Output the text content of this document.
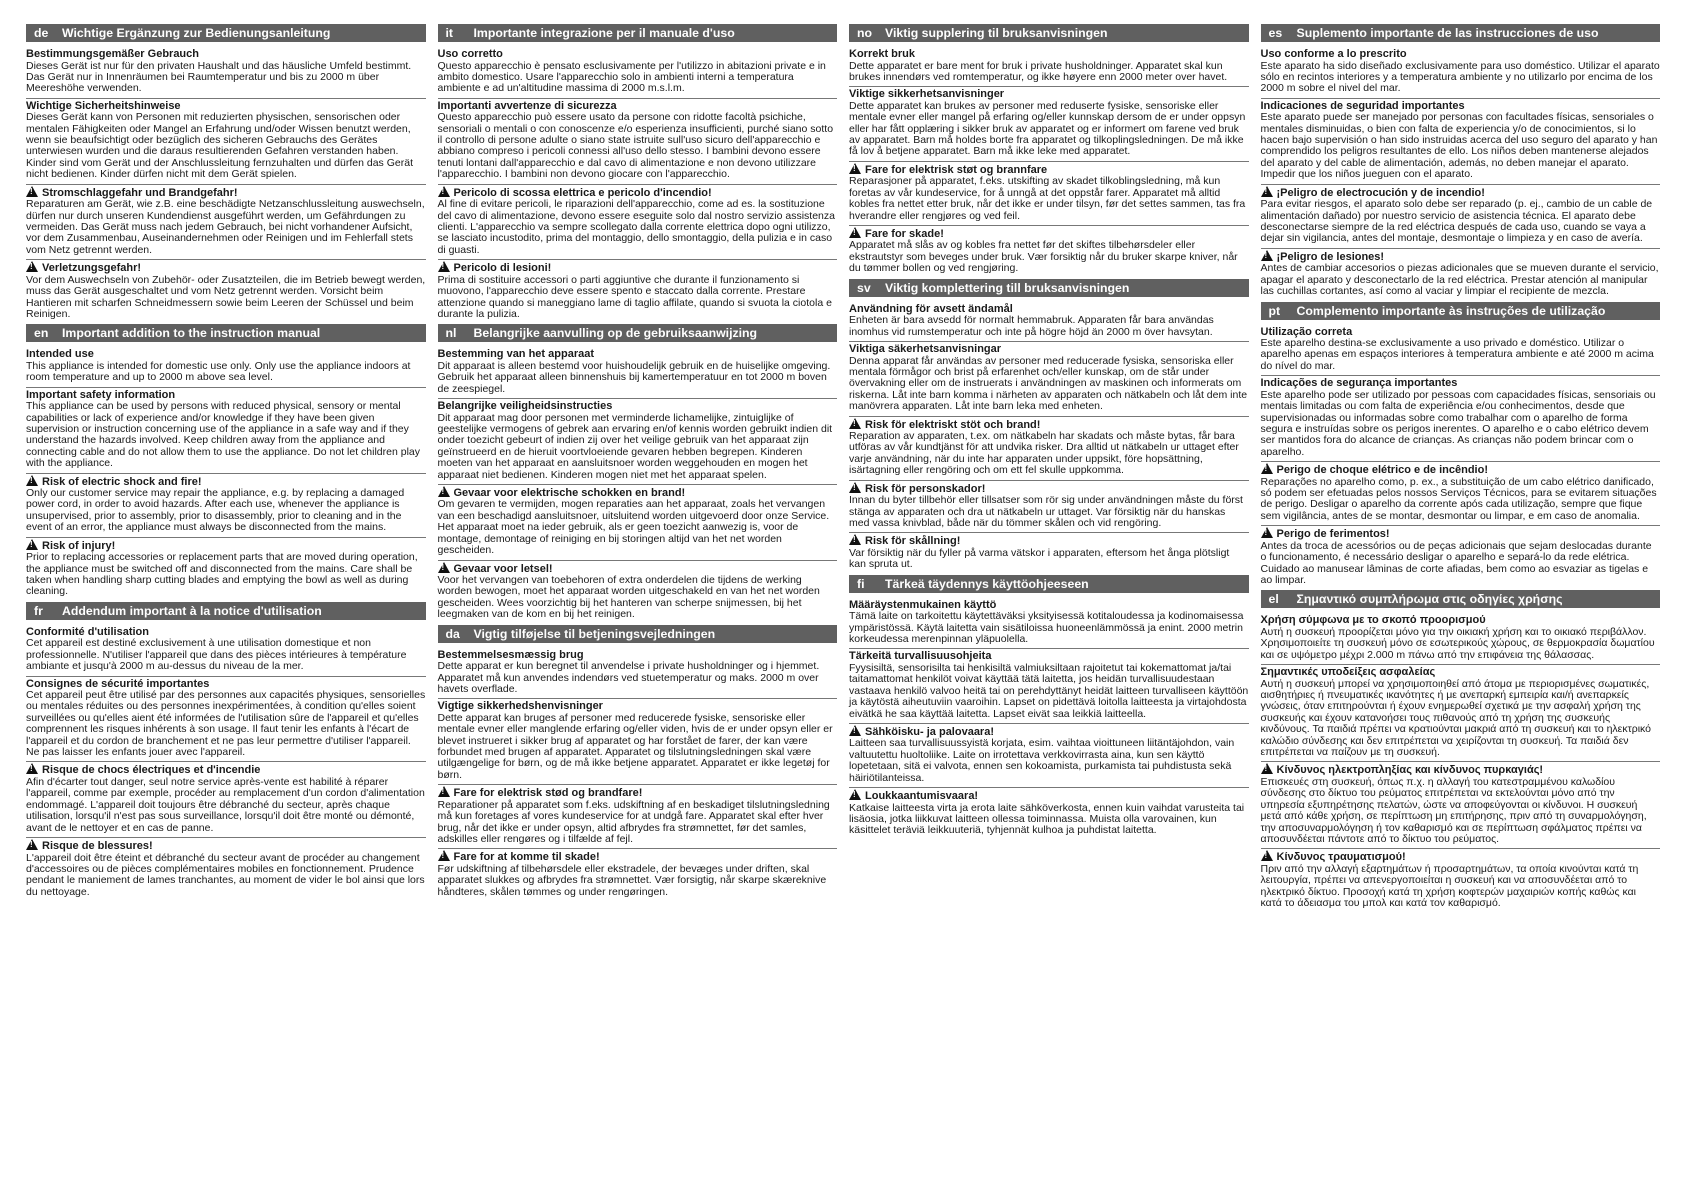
de Wichtige Ergänzung zur Bedienungsanleitung
Bestimmungsgemäßer Gebrauch
Dieses Gerät ist nur für den privaten Haushalt und das häusliche Umfeld bestimmt. Das Gerät nur in Innenräumen bei Raumtemperatur und bis zu 2000 m über Meereshöhe verwenden.
Wichtige Sicherheitshinweise
Dieses Gerät kann von Personen mit reduzierten physischen, sensorischen oder mentalen Fähigkeiten oder Mangel an Erfahrung und/oder Wissen benutzt werden, wenn sie beaufsichtigt oder bezüglich des sicheren Gebrauchs des Gerätes unterwiesen wurden und die daraus resultierenden Gefahren verstanden haben. Kinder sind vom Gerät und der Anschlussleitung fernzuhalten und dürfen das Gerät nicht bedienen. Kinder dürfen nicht mit dem Gerät spielen.
!Stromschlaggefahr und Brandgefahr!
Reparaturen am Gerät, wie z.B. eine beschädigte Netzanschlussleitung auswechseln, dürfen nur durch unseren Kundendienst ausgeführt werden, um Gefährdungen zu vermeiden. Das Gerät muss nach jedem Gebrauch, bei nicht vorhandener Aufsicht, vor dem Zusammenbau, Auseinandernehmen oder Reinigen und im Fehlerfall stets vom Netz getrennt werden.
!Verletzungsgefahr!
Vor dem Auswechseln von Zubehör- oder Zusatzteilen, die im Betrieb bewegt werden, muss das Gerät ausgeschaltet und vom Netz getrennt werden. Vorsicht beim Hantieren mit scharfen Schneidmessern sowie beim Leeren der Schüssel und beim Reinigen.
en Important addition to the instruction manual
Intended use
This appliance is intended for domestic use only. Only use the appliance indoors at room temperature and up to 2000 m above sea level.
Important safety information
This appliance can be used by persons with reduced physical, sensory or mental capabilities or lack of experience and/or knowledge if they have been given supervision or instruction concerning use of the appliance in a safe way and if they understand the hazards involved. Keep children away from the appliance and connecting cable and do not allow them to use the appliance. Do not let children play with the appliance.
!Risk of electric shock and fire!
Only our customer service may repair the appliance, e.g. by replacing a damaged power cord, in order to avoid hazards. After each use, whenever the appliance is unsupervised, prior to assembly, prior to disassembly, prior to cleaning and in the event of an error, the appliance must always be disconnected from the mains.
!Risk of injury!
Prior to replacing accessories or replacement parts that are moved during operation, the appliance must be switched off and disconnected from the mains. Care shall be taken when handling sharp cutting blades and emptying the bowl as well as during cleaning.
fr Addendum important à la notice d'utilisation
Conformité d'utilisation
Cet appareil est destiné exclusivement à une utilisation domestique et non professionnelle. N'utiliser l'appareil que dans des pièces intérieures à température ambiante et jusqu'à 2000 m au-dessus du niveau de la mer.
Consignes de sécurité importantes
Cet appareil peut être utilisé par des personnes aux capacités physiques, sensorielles ou mentales réduites ou des personnes inexpérimentées, à condition qu'elles soient surveillées ou qu'elles aient été informées de l'utilisation sûre de l'appareil et qu'elles comprennent les risques inhérents à son usage. Il faut tenir les enfants à l'écart de l'appareil et du cordon de branchement et ne pas leur permettre d'utiliser l'appareil. Ne pas laisser les enfants jouer avec l'appareil.
!Risque de chocs électriques et d'incendie
Afin d'écarter tout danger, seul notre service après-vente est habilité à réparer l'appareil, comme par exemple, procéder au remplacement d'un cordon d'alimentation endommagé. L'appareil doit toujours être débranché du secteur, après chaque utilisation, lorsqu'il n'est pas sous surveillance, lorsqu'il doit être monté ou démonté, avant de le nettoyer et en cas de panne.
!Risque de blessures!
L'appareil doit être éteint et débranché du secteur avant de procéder au changement d'accessoires ou de pièces complémentaires mobiles en fonctionnement. Prudence pendant le maniement de lames tranchantes, au moment de vider le bol ainsi que lors du nettoyage.
it Importante integrazione per il manuale d'uso
Uso corretto
Questo apparecchio è pensato esclusivamente per l'utilizzo in abitazioni private e in ambito domestico. Usare l'apparecchio solo in ambienti interni a temperatura ambiente e ad un'altitudine massima di 2000 m.s.l.m.
Importanti avvertenze di sicurezza
Questo apparecchio può essere usato da persone con ridotte facoltà psichiche, sensoriali o mentali o con conoscenze e/o esperienza insufficienti, purché siano sotto il controllo di persone adulte o siano state istruite sull'uso sicuro dell'apparecchio e abbiano compreso i pericoli connessi all'uso dello stesso. I bambini devono essere tenuti lontani dall'apparecchio e dal cavo di alimentazione e non devono utilizzare l'apparecchio. I bambini non devono giocare con l'apparecchio.
!Pericolo di scossa elettrica e pericolo d'incendio!
Al fine di evitare pericoli, le riparazioni dell'apparecchio, come ad es. la sostituzione del cavo di alimentazione, devono essere eseguite solo dal nostro servizio assistenza clienti. L'apparecchio va sempre scollegato dalla corrente elettrica dopo ogni utilizzo, se lasciato incustodito, prima del montaggio, dello smontaggio, della pulizia e in caso di guasti.
!Pericolo di lesioni!
Prima di sostituire accessori o parti aggiuntive che durante il funzionamento si muovono, l'apparecchio deve essere spento e staccato dalla corrente. Prestare attenzione quando si maneggiano lame di taglio affilate, quando si svuota la ciotola e durante la pulizia.
nl Belangrijke aanvulling op de gebruiksaanwijzing
Bestemming van het apparaat
Dit apparaat is alleen bestemd voor huishoudelijk gebruik en de huiselijke omgeving. Gebruik het apparaat alleen binnenshuis bij kamertemperatuur en tot 2000 m boven de zeespiegel.
Belangrijke veiligheidsinstructies
Dit apparaat mag door personen met verminderde lichamelijke, zintuiglijke of geestelijke vermogens of gebrek aan ervaring en/of kennis worden gebruikt indien dit onder toezicht gebeurt of indien zij over het veilige gebruik van het apparaat zijn geïnstrueerd en de hieruit voortvloeiende gevaren hebben begrepen. Kinderen moeten van het apparaat en aansluitsnoer worden weggehouden en mogen het apparaat niet bedienen. Kinderen mogen niet met het apparaat spelen.
!Gevaar voor elektrische schokken en brand!
Om gevaren te vermijden, mogen reparaties aan het apparaat, zoals het vervangen van een beschadigd aansluitsnoer, uitsluitend worden uitgevoerd door onze Service. Het apparaat moet na ieder gebruik, als er geen toezicht aanwezig is, voor de montage, demontage of reiniging en bij storingen altijd van het net worden gescheiden.
!Gevaar voor letsel!
Voor het vervangen van toebehoren of extra onderdelen die tijdens de werking worden bewogen, moet het apparaat worden uitgeschakeld en van het net worden gescheiden. Wees voorzichtig bij het hanteren van scherpe snijmessen, bij het leegmaken van de kom en bij het reinigen.
da Vigtig tilføjelse til betjeningsvejledningen
Bestemmelsesmæssig brug
Dette apparat er kun beregnet til anvendelse i private husholdninger og i hjemmet. Apparatet må kun anvendes indendørs ved stuetemperatur og maks. 2000 m over havets overflade.
Vigtige sikkerhedshenvisninger
Dette apparat kan bruges af personer med reducerede fysiske, sensoriske eller mentale evner eller manglende erfaring og/eller viden, hvis de er under opsyn eller er blevet instrueret i sikker brug af apparatet og har forstået de farer, der kan være forbundet med brugen af apparatet. Apparatet og tilslutningsledningen skal være utilgængelige for børn, og de må ikke betjene apparatet. Apparatet er ikke legetøj for børn.
!Fare for elektrisk stød og brandfare!
Reparationer på apparatet som f.eks. udskiftning af en beskadiget tilslutningsledning må kun foretages af vores kundeservice for at undgå fare. Apparatet skal efter hver brug, når det ikke er under opsyn, altid afbrydes fra strømnettet, før det samles, adskilles eller rengøres og i tilfælde af fejl.
!Fare for at komme til skade!
Før udskiftning af tilbehørsdele eller ekstradele, der bevæges under driften, skal apparatet slukkes og afbrydes fra strømnettet. Vær forsigtig, når skarpe skæreknive håndteres, skålen tømmes og under rengøringen.
no Viktig supplering til bruksanvisningen
Korrekt bruk
Dette apparatet er bare ment for bruk i private husholdninger. Apparatet skal kun brukes innendørs ved romtemperatur, og ikke høyere enn 2000 meter over havet.
Viktige sikkerhetsanvisninger
Dette apparatet kan brukes av personer med reduserte fysiske, sensoriske eller mentale evner eller mangel på erfaring og/eller kunnskap dersom de er under oppsyn eller har fått opplæring i sikker bruk av apparatet og er informert om farene ved bruk av apparatet. Barn må holdes borte fra apparatet og tilkoplingsledningen. De må ikke få lov å betjene apparatet. Barn må ikke leke med apparatet.
!Fare for elektrisk støt og brannfare
Reparasjoner på apparatet, f.eks. utskifting av skadet tilkoblingsledning, må kun foretas av vår kundeservice, for å unngå at det oppstår farer. Apparatet må alltid kobles fra nettet etter bruk, når det ikke er under tilsyn, før det settes sammen, tas fra hverandre eller rengjøres og ved feil.
!Fare for skade!
Apparatet må slås av og kobles fra nettet før det skiftes tilbehørsdeler eller ekstrautstyr som beveges under bruk. Vær forsiktig når du bruker skarpe kniver, når du tømmer bollen og ved rengjøring.
sv Viktig komplettering till bruksanvisningen
Användning för avsett ändamål
Enheten är bara avsedd för normalt hemmabruk. Apparaten får bara användas inomhus vid rumstemperatur och inte på högre höjd än 2000 m över havsytan.
Viktiga säkerhetsanvisningar
Denna apparat får användas av personer med reducerade fysiska, sensoriska eller mentala förmågor och brist på erfarenhet och/eller kunskap, om de står under övervakning eller om de instruerats i användningen av maskinen och informerats om riskerna. Låt inte barn komma i närheten av apparaten och nätkabeln och låt dem inte manövrera apparaten. Låt inte barn leka med enheten.
!Risk för elektriskt stöt och brand!
Reparation av apparaten, t.ex. om nätkabeln har skadats och måste bytas, får bara utföras av vår kundtjänst för att undvika risker. Dra alltid ut nätkabeln ur uttaget efter varje användning, när du inte har apparaten under uppsikt, före hopsättning, isärtagning eller rengöring och om ett fel skulle uppkomma.
!Risk för personskador!
Innan du byter tillbehör eller tillsatser som rör sig under användningen måste du först stänga av apparaten och dra ut nätkabeln ur uttaget. Var försiktig när du hanskas med vassa knivblad, både när du tömmer skålen och vid rengöring.
!Risk för skållning!
Var försiktig när du fyller på varma vätskor i apparaten, eftersom het ånga plötsligt kan spruta ut.
fi Tärkeä täydennys käyttöohjeeseen
Määräystenmukainen käyttö
Tämä laite on tarkoitettu käytettäväksi yksityisessä kotitaloudessa ja kodinomaisessa ympäristössä. Käytä laitetta vain sisätiloissa huoneenlämmössä ja enint. 2000 metrin korkeudessa merenpinnan yläpuolella.
Tärkeitä turvallisuusohjeita
Fyysisiltä, sensorisilta tai henkisiltä valmiuksiltaan rajoitetut tai kokemattomat ja/tai taitamattomat henkilöt voivat käyttää tätä laitetta, jos heidän turvallisuudestaan vastaava henkilö valvoo heitä tai on perehdyttänyt heidät laitteen turvalliseen käyttöön ja käytöstä aiheutuviin vaaroihin. Lapset on pidettävä loitolla laitteesta ja virtajohdosta eivätkä he saa käyttää laitetta. Lapset eivät saa leikkiä laitteella.
!Sähköisku- ja palovaara!
Laitteen saa turvallisuussyistä korjata, esim. vaihtaa vioittuneen liitäntäjohdon, vain valtuutettu huoltoliike. Laite on irrotettava verkkovirrasta aina, kun sen käyttö lopetetaan, sitä ei valvota, ennen sen kokoamista, purkamista tai puhdistusta sekä häiriötilanteissa.
!Loukkaantumisvaara!
Katkaise laitteesta virta ja erota laite sähköverkosta, ennen kuin vaihdat varusteita tai lisäosia, jotka liikkuvat laitteen ollessa toiminnassa. Muista olla varovainen, kun käsittelet teräviä leikkuuteriä, tyhjennät kulhoa ja puhdistat laitetta.
es Suplemento importante de las instrucciones de uso
Uso conforme a lo prescrito
Este aparato ha sido diseñado exclusivamente para uso doméstico. Utilizar el aparato sólo en recintos interiores y a temperatura ambiente y no utilizarlo por encima de los 2000 m sobre el nivel del mar.
Indicaciones de seguridad importantes
Este aparato puede ser manejado por personas con facultades físicas, sensoriales o mentales disminuidas, o bien con falta de experiencia y/o de conocimientos, si lo hacen bajo supervisión o han sido instruidas acerca del uso seguro del aparato y han comprendido los peligros resultantes de ello. Los niños deben mantenerse alejados del aparato y del cable de alimentación, además, no deben manejar el aparato. Impedir que los niños jueguen con el aparato.
!¡Peligro de electrocución y de incendio!
Para evitar riesgos, el aparato solo debe ser reparado (p. ej., cambio de un cable de alimentación dañado) por nuestro servicio de asistencia técnica. El aparato debe desconectarse siempre de la red eléctrica después de cada uso, cuando se vaya a dejar sin vigilancia, antes del montaje, desmontaje o limpieza y en caso de avería.
!¡Peligro de lesiones!
Antes de cambiar accesorios o piezas adicionales que se mueven durante el servicio, apagar el aparato y desconectarlo de la red eléctrica. Prestar atención al manipular las cuchillas cortantes, así como al vaciar y limpiar el recipiente de mezcla.
pt Complemento importante às instruções de utilização
Utilização correta
Este aparelho destina-se exclusivamente a uso privado e doméstico. Utilizar o aparelho apenas em espaços interiores à temperatura ambiente e até 2000 m acima do nível do mar.
Indicações de segurança importantes
Este aparelho pode ser utilizado por pessoas com capacidades físicas, sensoriais ou mentais limitadas ou com falta de experiência e/ou conhecimentos, desde que supervisionadas ou informadas sobre como trabalhar com o aparelho de forma segura e instruídas sobre os perigos inerentes. O aparelho e o cabo elétrico devem ser mantidos fora do alcance de crianças. As crianças não podem brincar com o aparelho.
!Perigo de choque elétrico e de incêndio!
Reparações no aparelho como, p. ex., a substituição de um cabo elétrico danificado, só podem ser efetuadas pelos nossos Serviços Técnicos, para se evitarem situações de perigo. Desligar o aparelho da corrente após cada utilização, sempre que fique sem vigilância, antes de se montar, desmontar ou limpar, e em caso de anomalia.
!Perigo de ferimentos!
Antes da troca de acessórios ou de peças adicionais que sejam deslocadas durante o funcionamento, é necessário desligar o aparelho e separá-lo da rede elétrica. Cuidado ao manusear lâminas de corte afiadas, bem como ao esvaziar as tigelas e ao limpar.
el Σημαντικό συμπλήρωμα στις οδηγίες χρήσης
Χρήση σύμφωνα με το σκοπό προορισμού
Αυτή η συσκευή προορίζεται μόνο για την οικιακή χρήση και το οικιακό περιβάλλον. Χρησιμοποιείτε τη συσκευή μόνο σε εσωτερικούς χώρους, σε θερμοκρασία δωματίου και σε υψόμετρο μέχρι 2.000 m πάνω από την επιφάνεια της θάλασσας.
Σημαντικές υποδείξεις ασφαλείας
Αυτή η συσκευή μπορεί να χρησιμοποιηθεί από άτομα με περιορισμένες σωματικές, αισθητήριες ή πνευματικές ικανότητες ή με ανεπαρκή εμπειρία και/ή ανεπαρκείς γνώσεις, όταν επιτηρούνται ή έχουν ενημερωθεί σχετικά με την ασφαλή χρήση της συσκευής και έχουν κατανοήσει τους πιθανούς από τη χρήση της συσκευής κινδύνους. Τα παιδιά πρέπει να κρατιούνται μακριά από τη συσκευή και το ηλεκτρικό καλώδιο σύνδεσης και δεν επιτρέπεται να χειρίζονται τη συσκευή. Τα παιδιά δεν επιτρέπεται να παίζουν με τη συσκευή.
!Κίνδυνος ηλεκτροπληξίας και κίνδυνος πυρκαγιάς!
Επισκευές στη συσκευή, όπως π.χ. η αλλαγή του κατεστραμμένου καλωδίου σύνδεσης στο δίκτυο του ρεύματος επιτρέπεται να εκτελούνται μόνο από την υπηρεσία εξυπηρέτησης πελατών, ώστε να αποφεύγονται οι κίνδυνοι. Η συσκευή μετά από κάθε χρήση, σε περίπτωση μη επιτήρησης, πριν από τη συναρμολόγηση, την αποσυναρμολόγηση ή τον καθαρισμό και σε περίπτωση σφάλματος πρέπει να αποσυνδέεται πάντοτε από το δίκτυο του ρεύματος.
!Κίνδυνος τραυματισμού!
Πριν από την αλλαγή εξαρτημάτων ή προσαρτημάτων, τα οποία κινούνται κατά τη λειτουργία, πρέπει να απενεργοποιείται η συσκευή και να αποσυνδέεται από το ηλεκτρικό δίκτυο. Προσοχή κατά τη χρήση κοφτερών μαχαιριών κοπής καθώς και κατά το άδειασμα του μπολ και κατά τον καθαρισμό.
